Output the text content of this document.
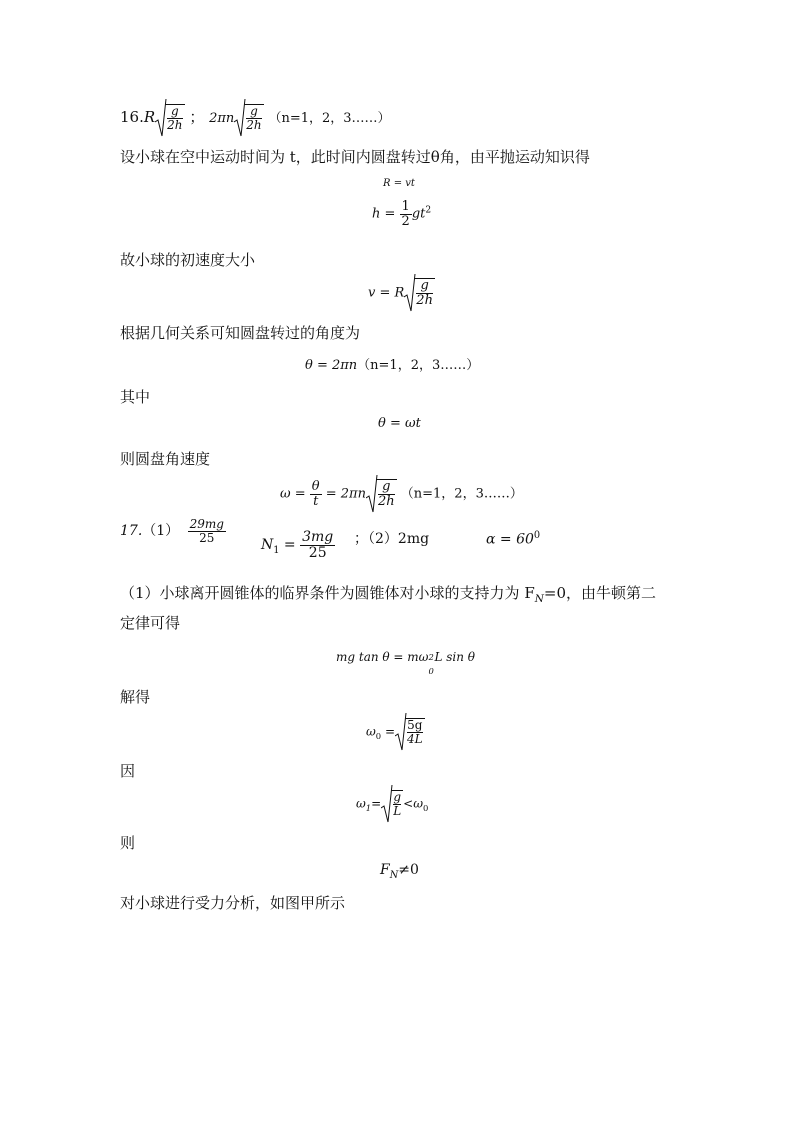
$16.R \frac{g}{2h}$ ； $2\pi n \frac{g}{2h} (n=1$，2，3……）
设小球在空中运动时间为 t，此时间内圆盘转过θ角，由平抛运动知识得
R = vt
$h = \frac{1}{2} gt^2$
故小球的初速度大小
v = R $\frac{g}{2h}$
根据几何关系可知圆盘转过的角度为
θ = 2πn（n=1，2，3……）
其中
θ = ωt
则圆盘角速度
$\omega = \frac{\theta}{t} = 2\pi n \frac{g}{2h} (n=1$，2，3……）
$17.(1) \frac{29mg}{25}$
$N_1 = \frac{3mg}{25}$ ；（2）2mg	$\alpha = 60^0$
（1）小球离开圆锥体的临界条件为圆锥体对小球的支持力为 $F_N=0$，由牛顿第二
定律可得
mg tan θ = mω 2
0
L sin θ
解得
$\omega_0 = \frac{5g}{4L}$
因
$\omega_1= \frac{g}{L} <\omega_0$
则
$F_N\ne 0$
对小球进行受力分析，如图甲所示
